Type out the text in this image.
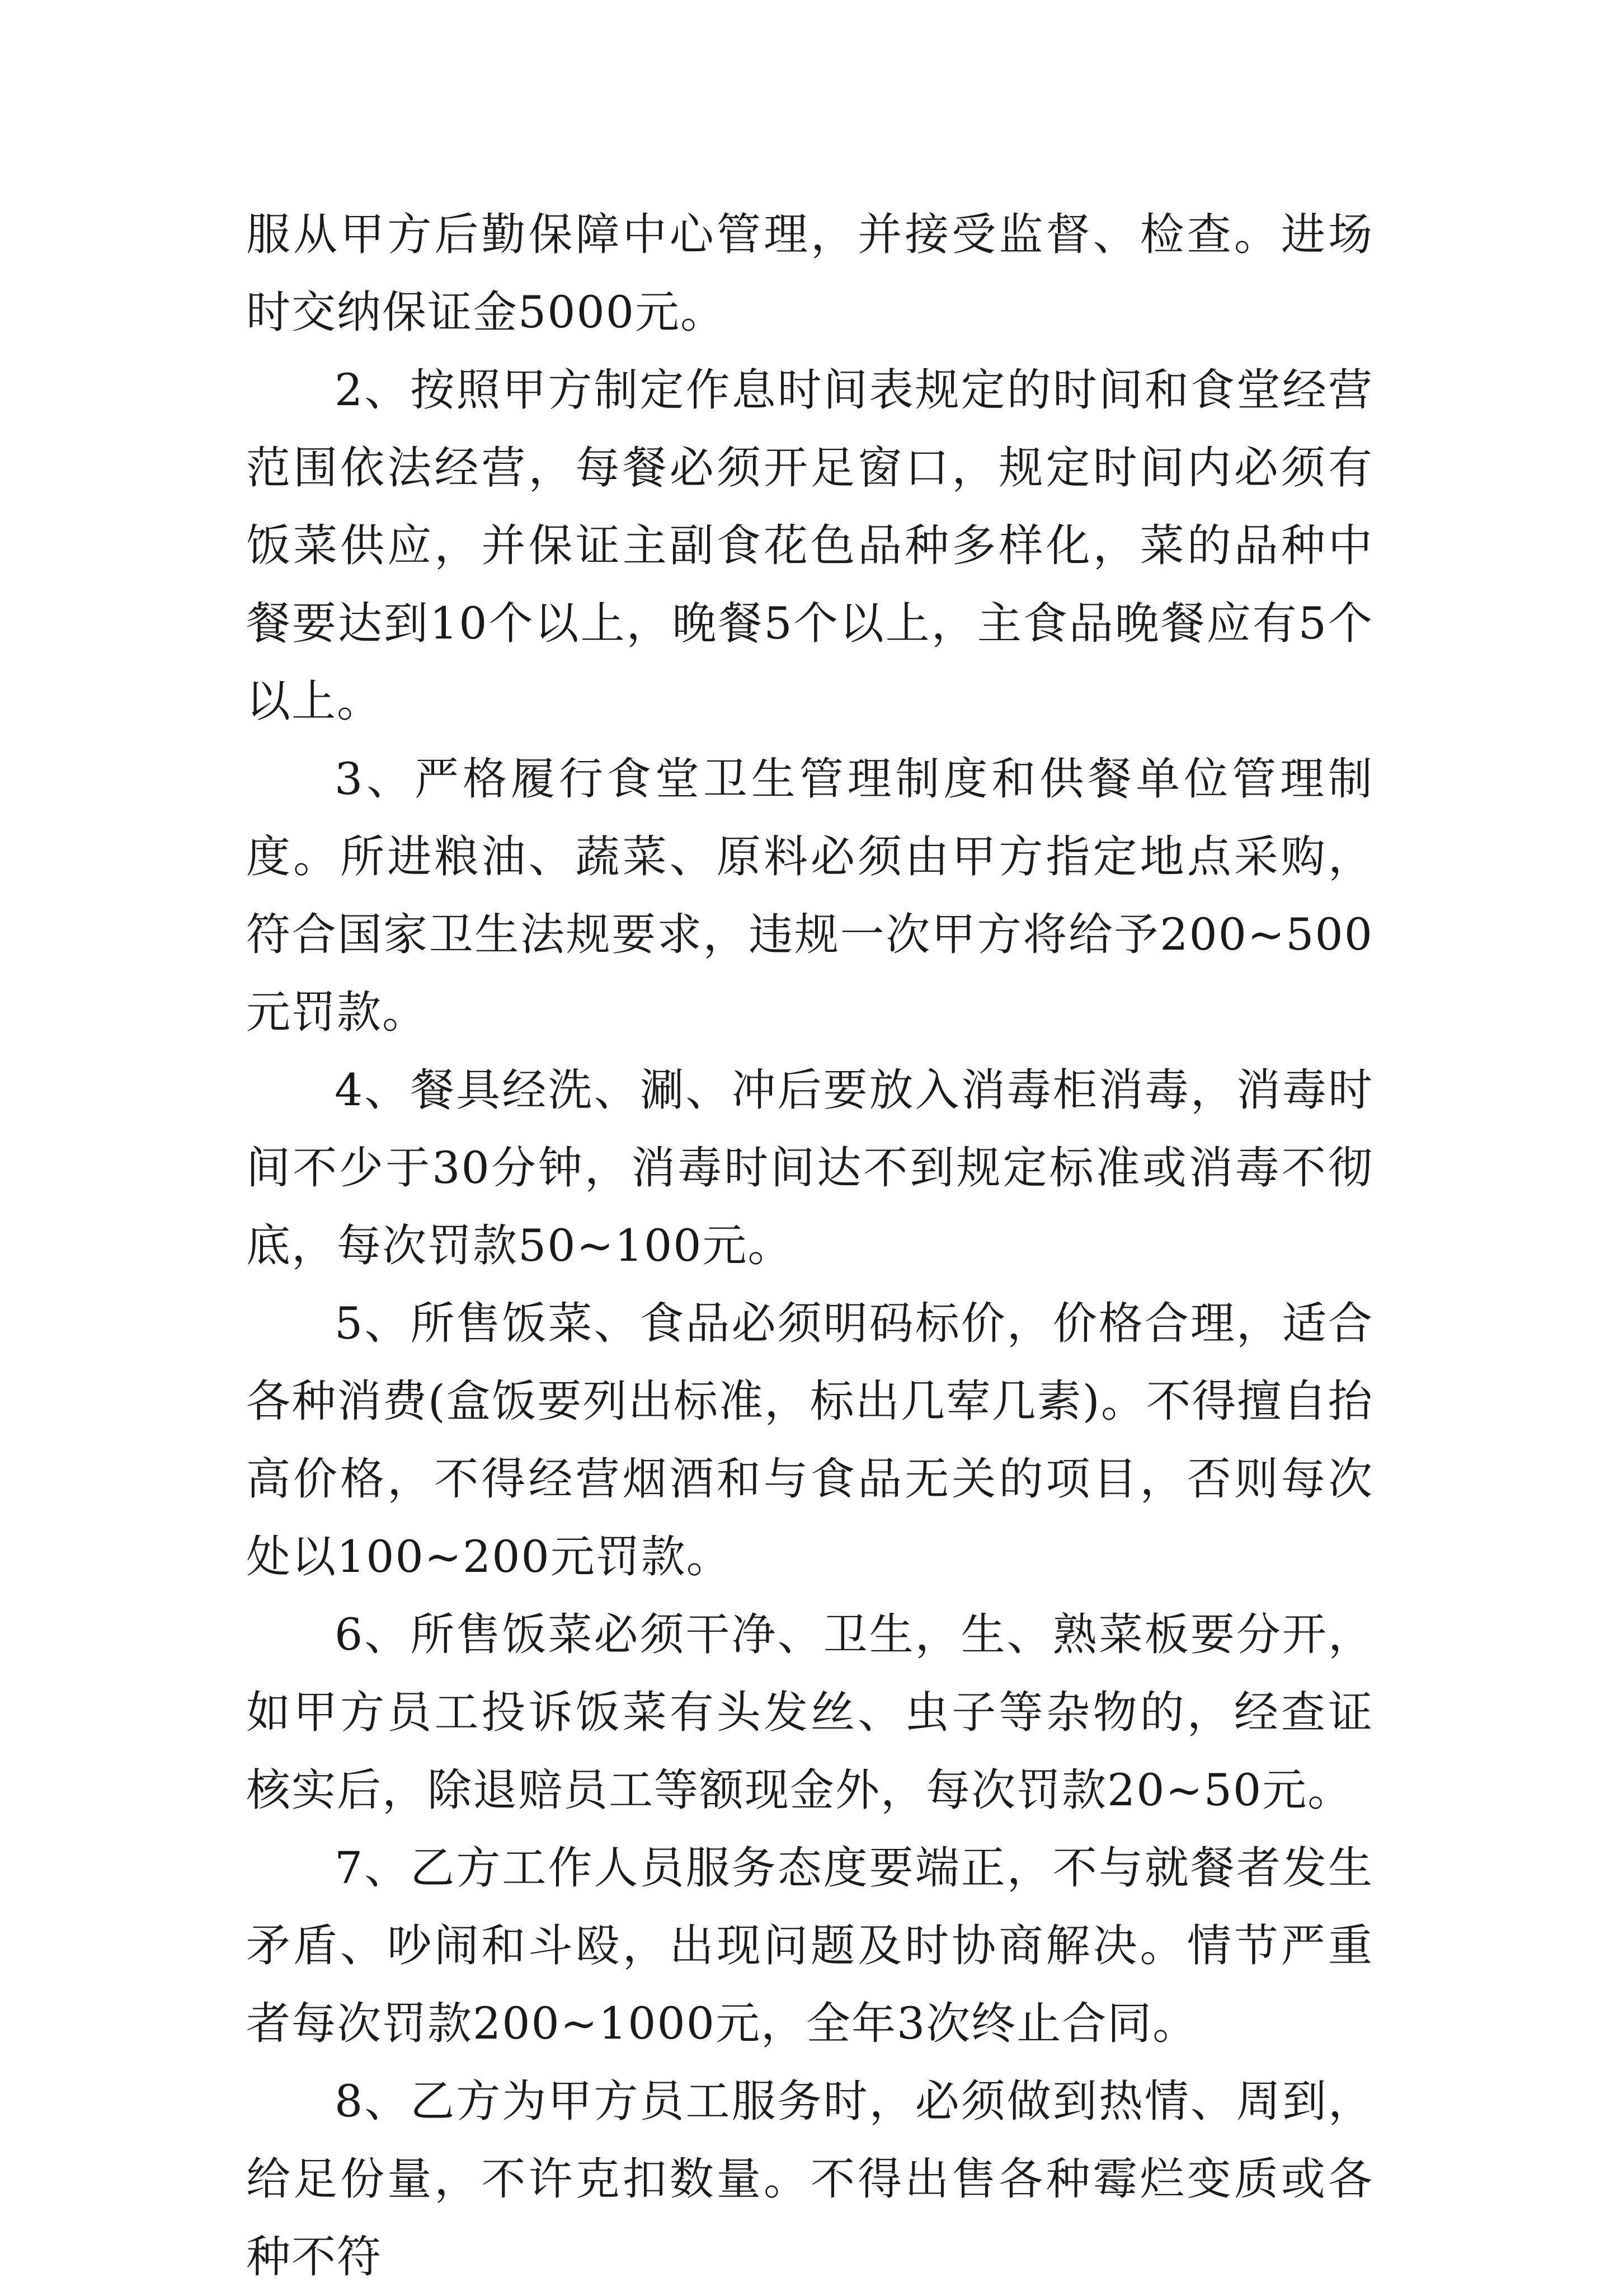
服从甲方后勤保障中心管理，并接受监督、检查。进场时交纳保证金5000元。

2、按照甲方制定作息时间表规定的时间和食堂经营范围依法经营，每餐必须开足窗口，规定时间内必须有饭菜供应，并保证主副食花色品种多样化，菜的品种中餐要达到10个以上，晚餐5个以上，主食品晚餐应有5个以上。

3、严格履行食堂卫生管理制度和供餐单位管理制度。所进粮油、蔬菜、原料必须由甲方指定地点采购，符合国家卫生法规要求，违规一次甲方将给予200~500元罚款。

4、餐具经洗、涮、冲后要放入消毒柜消毒，消毒时间不少于30分钟，消毒时间达不到规定标准或消毒不彻底，每次罚款50~100元。

5、所售饭菜、食品必须明码标价，价格合理，适合各种消费(盒饭要列出标准，标出几荤几素)。不得擅自抬高价格，不得经营烟酒和与食品无关的项目，否则每次处以100~200元罚款。

6、所售饭菜必须干净、卫生，生、熟菜板要分开，如甲方员工投诉饭菜有头发丝、虫子等杂物的，经查证核实后，除退赔员工等额现金外，每次罚款20~50元。

7、乙方工作人员服务态度要端正，不与就餐者发生矛盾、吵闹和斗殴，出现问题及时协商解决。情节严重者每次罚款200~1000元，全年3次终止合同。

8、乙方为甲方员工服务时，必须做到热情、周到，给足份量，不许克扣数量。不得出售各种霉烂变质或各种不符
